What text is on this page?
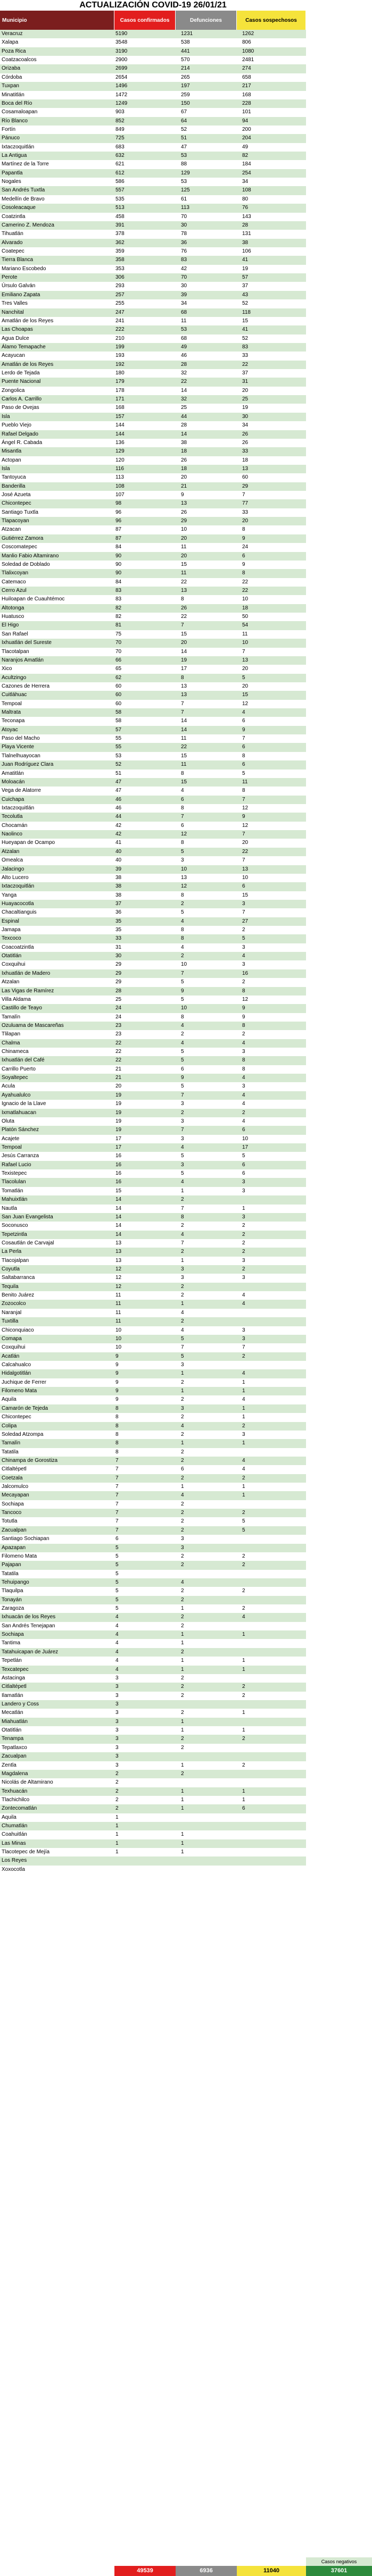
ACTUALIZACIÓN COVID-19 26/01/21
Municipio	Casos confirmados	Defunciones	Casos sospechosos
Veracruz	5190	1231	1262
Xalapa	3548	538	806
Poza Rica	3190	441	1080
Coatzacoalcos	2900	570	2481
Orizaba	2699	214	274
Córdoba	2654	265	658
Tuxpan	1496	197	217
Minatitlán	1472	259	168
Boca del Río	1249	150	228
Cosamaloapan	903	67	101
Río Blanco	852	64	94
Fortín	849	52	200
Pánuco	725	51	204
Ixtaczoquitlán	683	47	49
La Antigua	632	53	82
Martínez de la Torre	621	88	184
Papantla	612	129	254
Nogales	586	53	34
San Andrés Tuxtla	557	125	108
Medellín de Bravo	535	61	80
Cosoleacaque	513	113	76
Coatzintla	458	70	143
Camerino Z. Mendoza	391	30	28
Tihuatlán	378	78	131
Alvarado	362	36	38
Coatepec	359	76	106
Tierra Blanca	358	83	41
Mariano Escobedo	353	42	19
Perote	306	70	57
Úrsulo Galván	293	30	37
Emiliano Zapata	257	39	43
Tres Valles	255	34	52
Nanchital	247	68	118
Amatlán de los Reyes	241	11	15
Las Choapas	222	53	41
Agua Dulce	210	68	52
Álamo Temapache	199	49	83
Acayucan	193	46	33
Amatlán de los Reyes	192	28	22
Lerdo de Tejada	180	32	37
Puente Nacional	179	22	31
Zongolica	178	14	20
Carlos A. Carrillo	171	32	25
Paso de Ovejas	168	25	19
Isla	157	44	30
Pueblo Viejo	144	28	34
Rafael Delgado	144	14	26
Ángel R. Cabada	136	38	26
Misantla	129	18	33
Actopan	120	26	18
Isla	116	18	13
Tantoyuca	113	20	60
Banderilla	108	21	29
José Azueta	107	9	7
Chicontepec	98	13	77
Santiago Tuxtla	96	26	33
Tlapacoyan	96	29	20
Atzacan	87	10	8
Gutiérrez Zamora	87	20	9
Coscomatepec	84	11	24
Manlio Fabio Altamirano	90	20	6
Soledad de Doblado	90	15	9
Tlalixcoyan	90	11	8
Catemaco	84	22	22
Cerro Azul	83	13	22
Huiloapan de Cuauhtémoc	83	8	10
Altotonga	82	26	18
Huatusco	82	22	50
El Higo	81	7	54
San Rafael	75	15	11
Ixhuatlán del Sureste	70	20	10
Tlacotalpan	70	14	7
Naranjos Amatlán	66	19	13
Xico	65	17	20
Acultzingo	62	8	5
Cazones de Herrera	60	13	20
Cuitláhuac	60	13	15
Tempoal	60	7	12
Maltrata	58	7	4
Teconapa	58	14	6
Atoyac	57	14	9
Paso del Macho	55	11	7
Playa Vicente	55	22	6
Tlalnelhuayocan	53	15	8
Juan Rodríguez Clara	52	11	6
Amatitlán	51	8	5
Moloacán	47	15	11
Vega de Alatorre	47	4	8
Cuichapa	46	6	7
Ixtaczoquitlán	46	8	12
Tecolutla	44	7	9
Chocamán	42	6	12
Naolinco	42	12	7
Hueyapan de Ocampo	41	8	20
Atzalan	40	5	22
Omealca	40	3	7
Jalacingo	39	10	13
Alto Lucero	38	13	10
Ixtaczoquitlán	38	12	6
Yanga	38	8	15
Huayacocotla	37	2	3
Chacaltianguis	36	5	7
Espinal	35	4	27
Jamapa	35	8	2
Texcoco	33	8	5
Coacoatzintla	31	4	3
Otatitlán	30	2	4
Coxquihui	29	10	3
Ixhuatlán de Madero	29	7	16
Atzalan	29	5	2
Las Vigas de Ramírez	28	9	8
Villa Aldama	25	5	12
Castillo de Teayo	24	10	9
Tamalín	24	8	9
Ozuluama de Mascareñas	23	4	8
Tlilapan	23	2	2
Chalma	22	4	4
Chinameca	22	5	3
Ixhuatlán del Café	22	5	8
Carrillo Puerto	21	6	8
Soyaltepec	21	9	4
Acula	20	5	3
Ayahualulco	19	7	4
Ignacio de la Llave	19	3	4
Ixmatlahuacan	19	2	2
Oluta	19	3	4
Platón Sánchez	19	7	6
Acajete	17	3	10
Tempoal	17	4	17
Jesús Carranza	16	5	5
Rafael Lucio	16	3	6
Texistepec	16	5	6
Tlacolulan	16	4	3
Tomatlán	15	1	3
Mahuixtlán	14	2
Nautla	14	7	1
San Juan Evangelista	14	8	3
Soconusco	14	2	2
Tepetzintla	14	4	2
Cosautlán de Carvajal	13	7	2
La Perla	13	2	2
Tlacojalpan	13	1	3
Coyutla	12	3	2
Saltabarranca	12	3	3
Tequila	12	2
Benito Juárez	11	2	4
Zozocolco	11	1	4
Naranjal	11	4
Tuxtilla	11	2
Chiconquiaco	10	4	3
Comapa	10	5	3
Coxquihui	10	7	7
Acatlán	9	5	2
Calcahualco	9	3
Hidalgotitlán	9	1	4
Juchique de Ferrer	9	2	1
Filomeno Mata	9	1	1
Aquila	9	2	4
Camarón de Tejeda	8	3	1
Chicontepec	8	2	1
Colipa	8	4	2
Soledad Atzompa	8	2	3
Tamalín	8	1	1
Tatatila	8	2
Chinampa de Gorostiza	7	2	4
Citlaltépetl	7	6	4
Coetzala	7	2	2
Jalcomulco	7	1	1
Mecayapan	7	4	1
Sochiapa	7	2
Tancoco	7	2	2
Totutla	7	2	5
Zacualpan	7	2	5
Santiago Sochiapan	6	3
Apazapan	5	3
Filomeno Mata	5	2	2
Pajapan	5	2	2
Tatatila	5
Tehuipango	5	4
Tlaquilpa	5	2	2
Tonayán	5	2
Zaragoza	5	1	2
Ixhuacán de los Reyes	4	2	4
San Andrés Tenejapan	4	2
Sochiapa	4	1	1
Tantima	4	1
Tatahuicapan de Juárez	4	2
Tepetlán	4	1	1
Texcatepec	4	1	1
Astacinga	3	2
Citlaltépetl	3	2	2
Ilamatlán	3	2	2
Landero y Coss	3
Mecatlán	3	2	1
Miahuatlán	3	1
Otatitlán	3	1	1
Tenampa	3	2	2
Tepatlaxco	3	2
Zacualpan	3
Zentla	3	1	2
Magdalena	2	2
Nicolás de Altamirano	2
Texhuacán	2	1	1
Tlachichilco	2	1	1
Zontecomatlán	2	1	6
Aquila	1
Chumatlán	1
Coahuitlán	1	1
Las Minas	1	1
Tlacotepec de Mejía	1	1
Los Reyes
Xoxocotla
Casos negativos
49539	6936	11040	37601
